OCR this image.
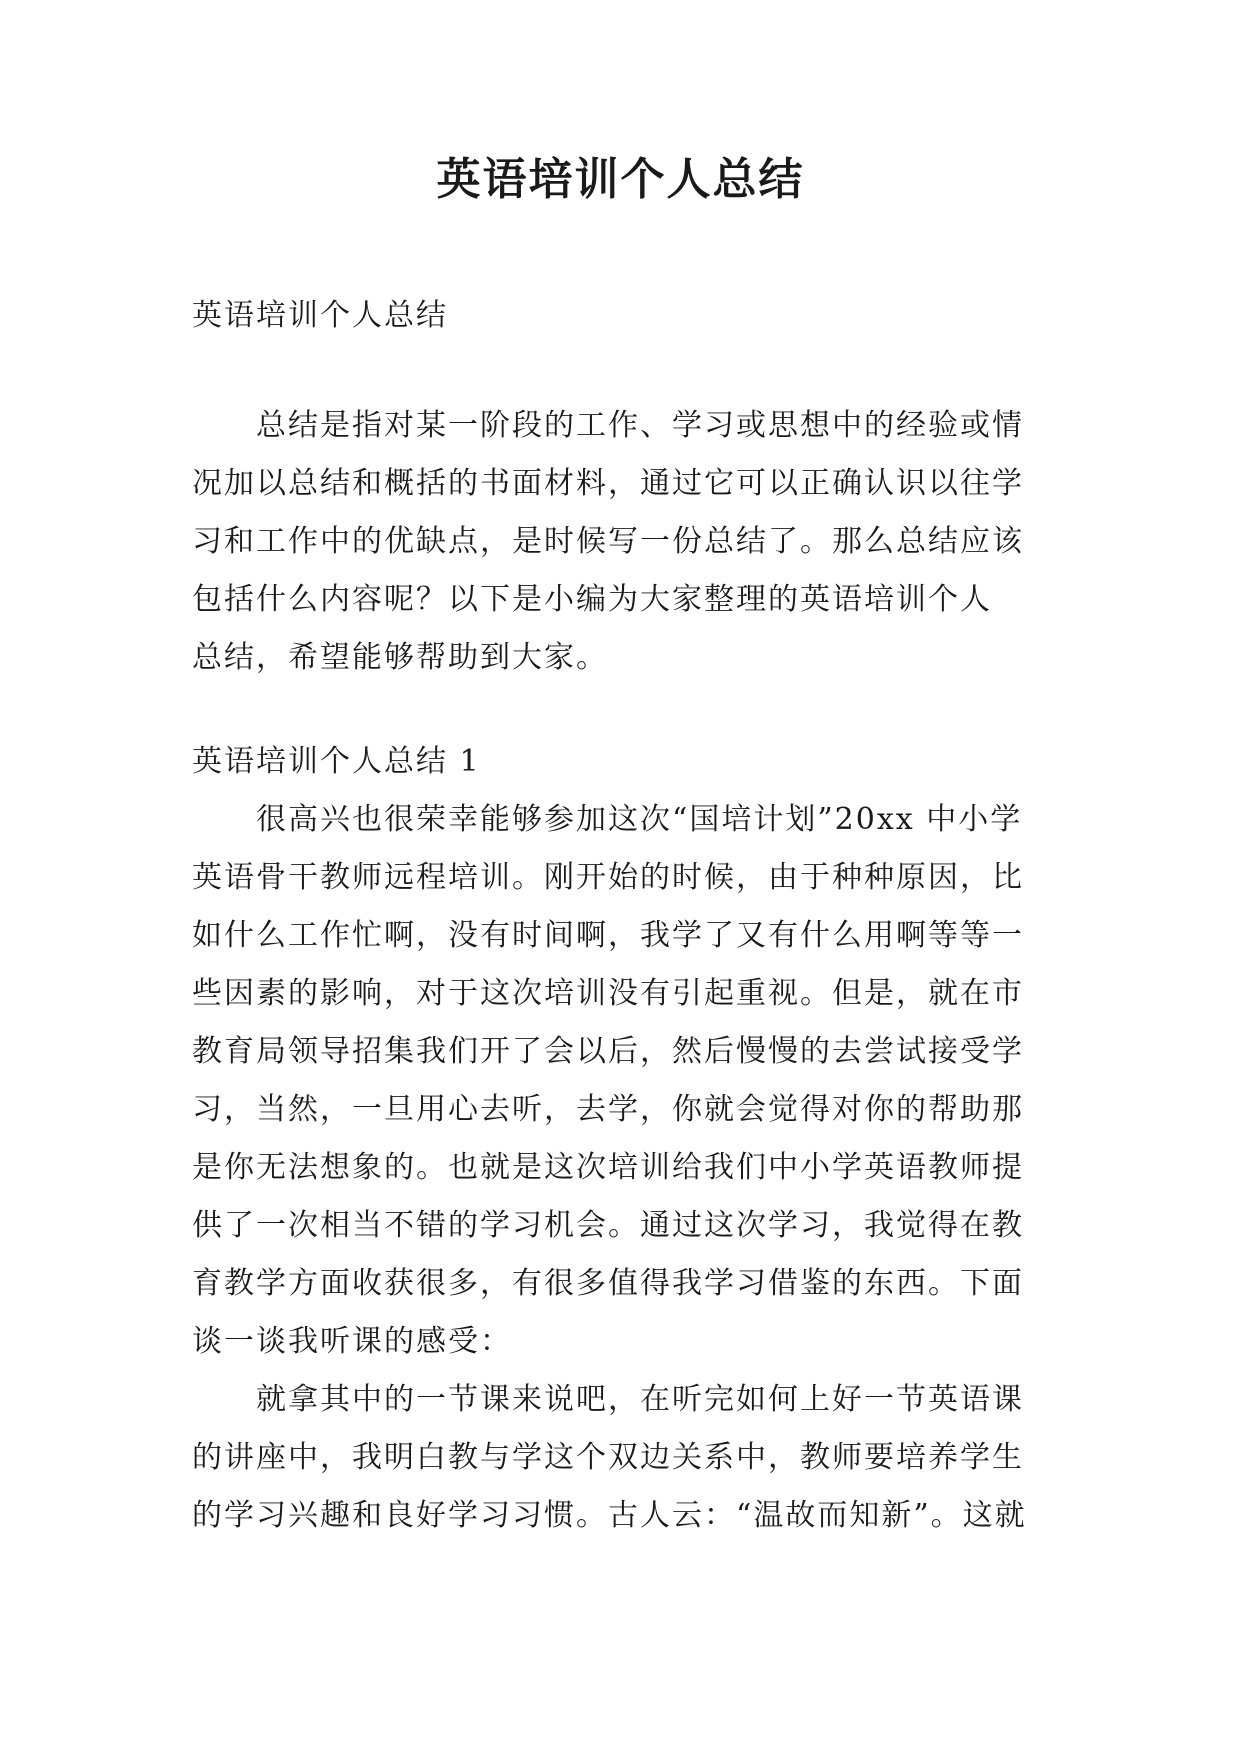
英语培训个人总结

英语培训个人总结

总结是指对某一阶段的工作、学习或思想中的经验或情
况加以总结和概括的书面材料，通过它可以正确认识以往学
习和工作中的优缺点，是时候写一份总结了。那么总结应该
包括什么内容呢？以下是小编为大家整理的英语培训个人
总结，希望能够帮助到大家。

英语培训个人总结 1

很高兴也很荣幸能够参加这次“国培计划”20xx 中小学
英语骨干教师远程培训。刚开始的时候，由于种种原因，比
如什么工作忙啊，没有时间啊，我学了又有什么用啊等等一
些因素的影响，对于这次培训没有引起重视。但是，就在市
教育局领导招集我们开了会以后，然后慢慢的去尝试接受学
习，当然，一旦用心去听，去学，你就会觉得对你的帮助那
是你无法想象的。也就是这次培训给我们中小学英语教师提
供了一次相当不错的学习机会。通过这次学习，我觉得在教
育教学方面收获很多，有很多值得我学习借鉴的东西。下面
谈一谈我听课的感受：
就拿其中的一节课来说吧，在听完如何上好一节英语课
的讲座中，我明白教与学这个双边关系中，教师要培养学生
的学习兴趣和良好学习习惯。古人云：“温故而知新”。这就
